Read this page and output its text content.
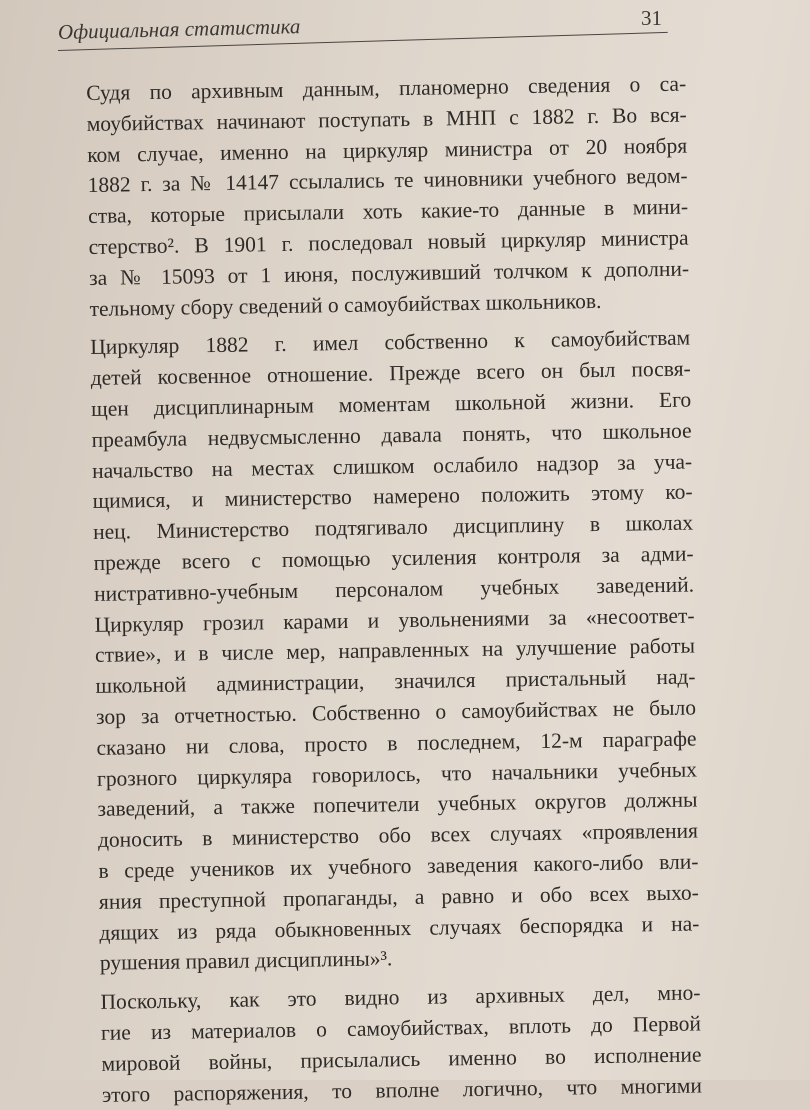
Официальная статистика	31
Судя по архивным данным, планомерно сведения о са-
моубийствах начинают поступать в МНП с 1882 г. Во вся-
ком случае, именно на циркуляр министра от 20 ноября
1882 г. за № 14147 ссылались те чиновники учебного ведом-
ства, которые присылали хоть какие-то данные в мини-
стерство². В 1901 г. последовал новый циркуляр министра
за № 15093 от 1 июня, послуживший толчком к дополни-
тельному сбору сведений о самоубийствах школьников.
Циркуляр 1882 г. имел собственно к самоубийствам
детей косвенное отношение. Прежде всего он был посвя-
щен дисциплинарным моментам школьной жизни. Его
преамбула недвусмысленно давала понять, что школьное
начальство на местах слишком ослабило надзор за уча-
щимися, и министерство намерено положить этому ко-
нец. Министерство подтягивало дисциплину в школах
прежде всего с помощью усиления контроля за адми-
нистративно-учебным персоналом учебных заведений.
Циркуляр грозил карами и увольнениями за «несоответ-
ствие», и в числе мер, направленных на улучшение работы
школьной администрации, значился пристальный над-
зор за отчетностью. Собственно о самоубийствах не было
сказано ни слова, просто в последнем, 12-м параграфе
грозного циркуляра говорилось, что начальники учебных
заведений, а также попечители учебных округов должны
доносить в министерство обо всех случаях «проявления
в среде учеников их учебного заведения какого-либо вли-
яния преступной пропаганды, а равно и обо всех выхо-
дящих из ряда обыкновенных случаях беспорядка и на-
рушения правил дисциплины»³.
Поскольку, как это видно из архивных дел, мно-
гие из материалов о самоубийствах, вплоть до Первой
мировой войны, присылались именно во исполнение
этого распоряжения, то вполне логично, что многими
